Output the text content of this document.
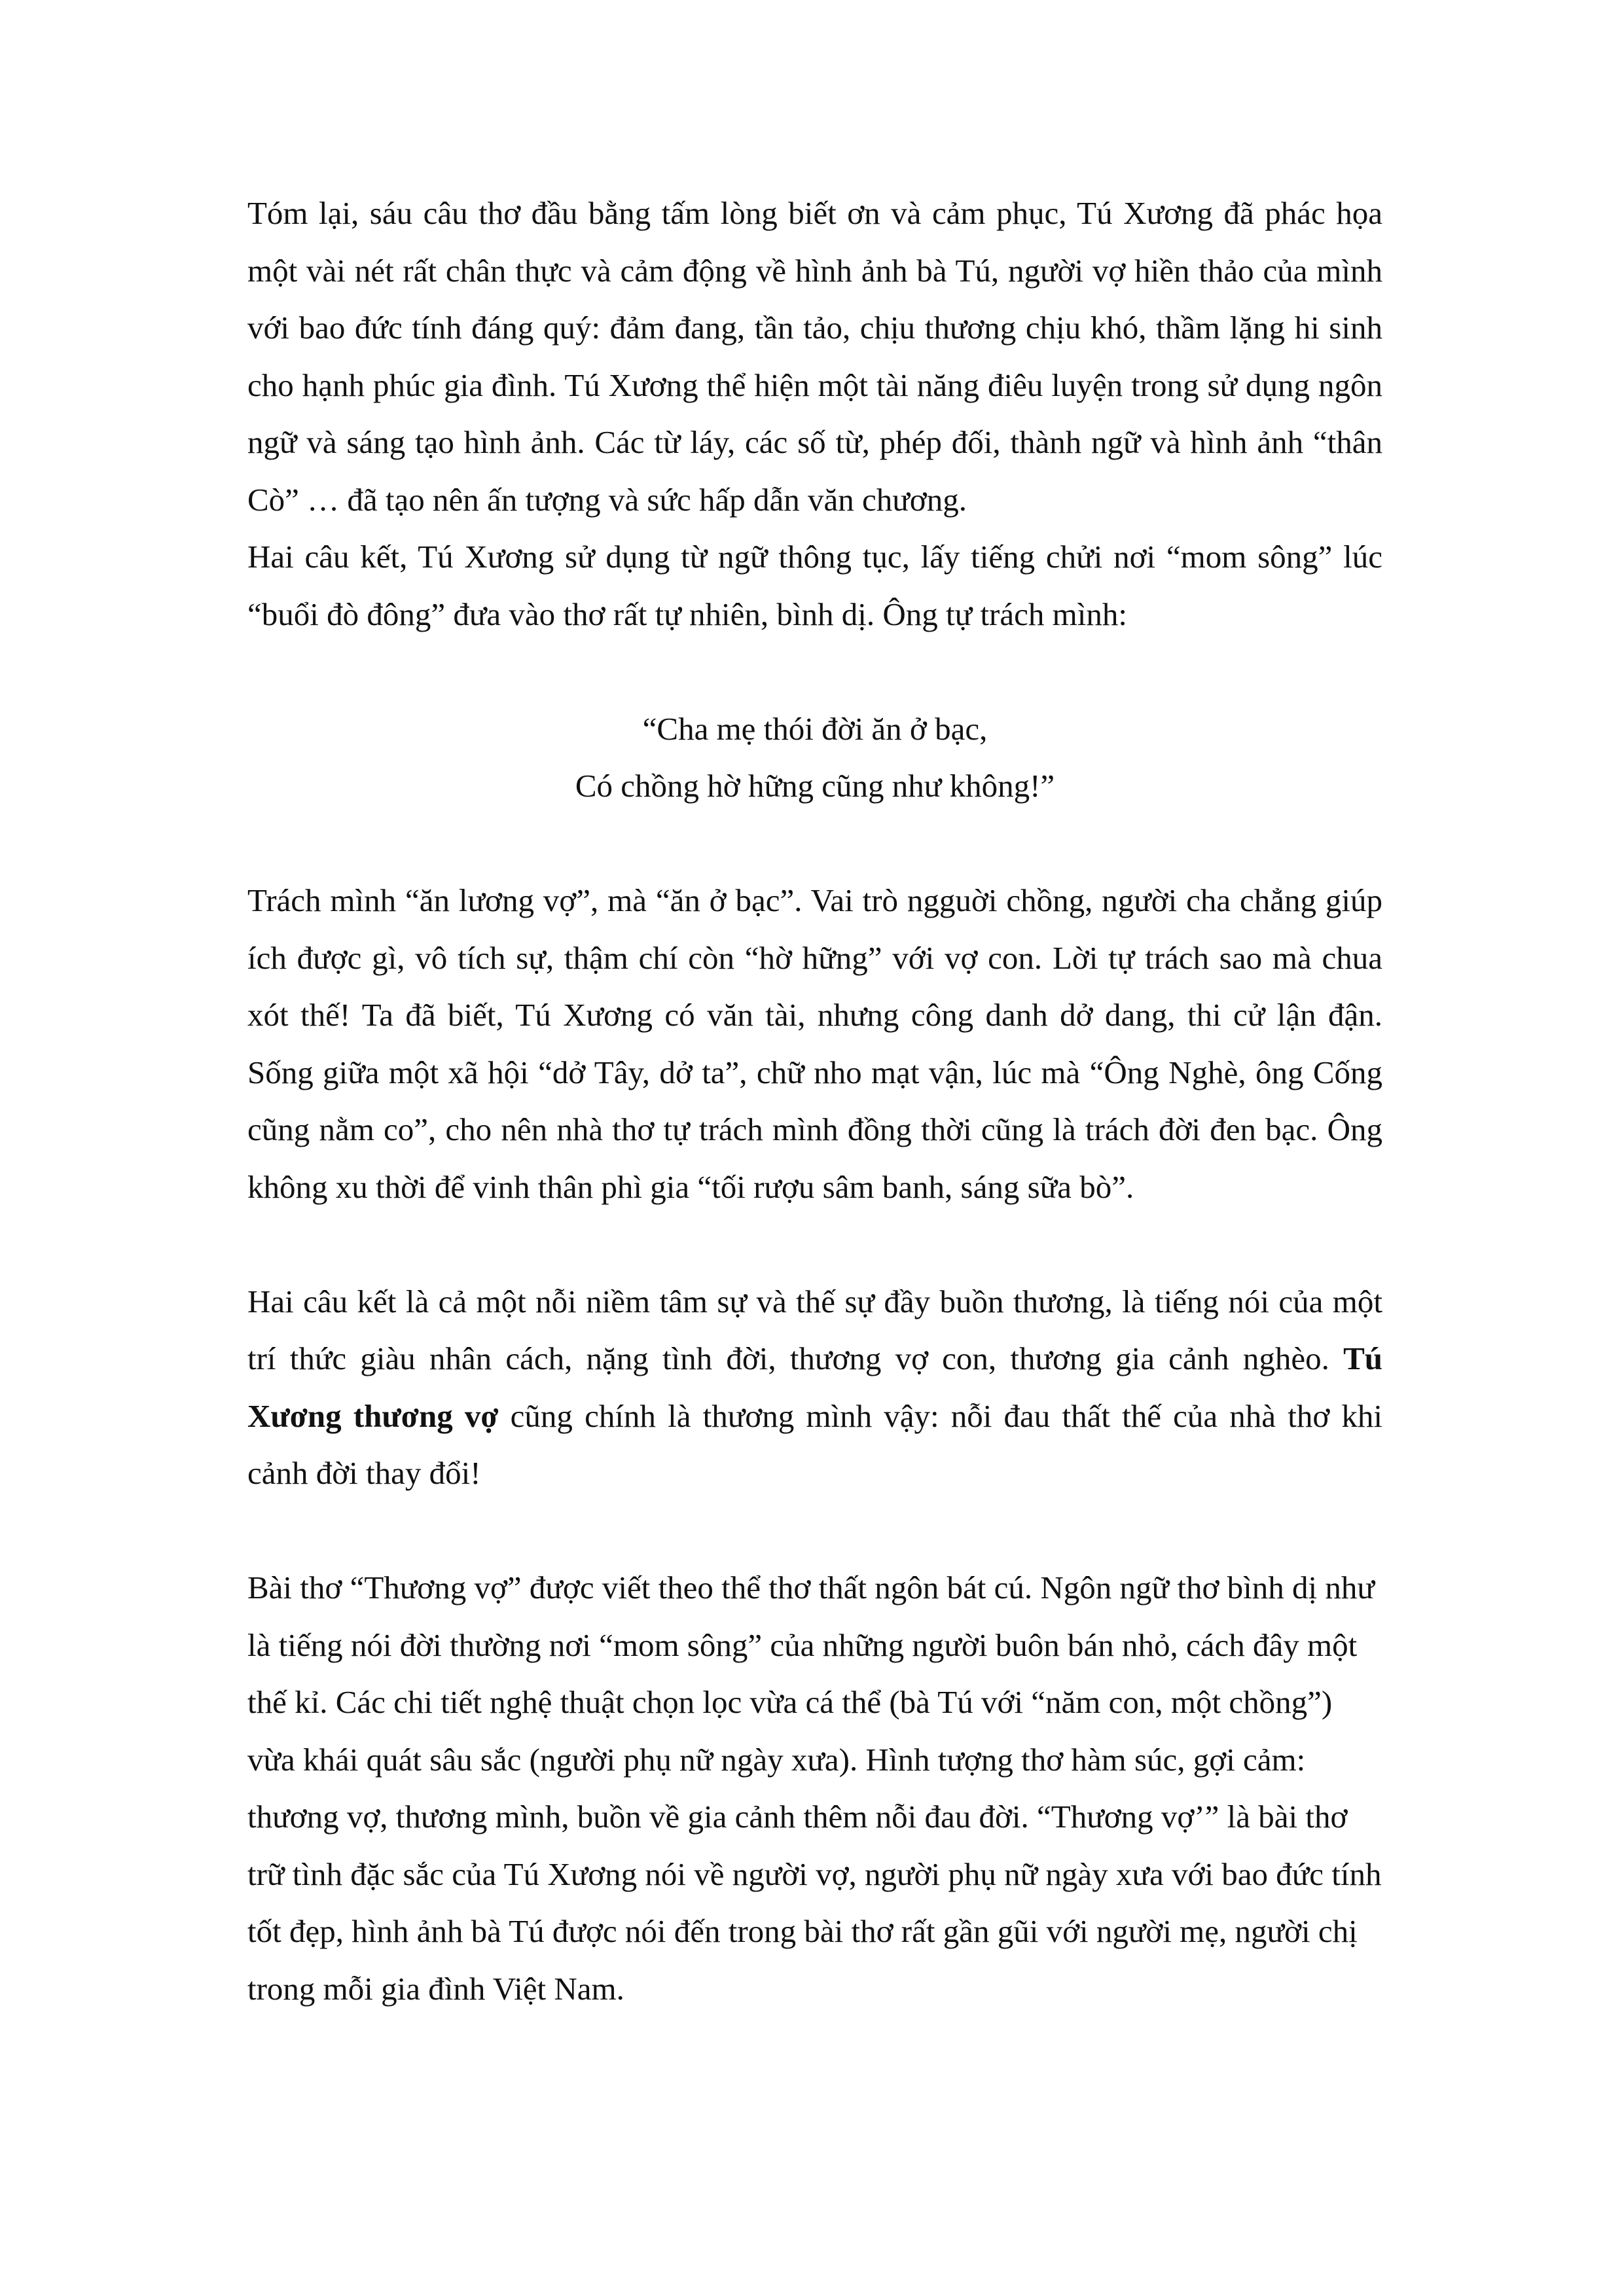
Tóm lại, sáu câu thơ đầu bằng tấm lòng biết ơn và cảm phục, Tú Xương đã phác họa một vài nét rất chân thực và cảm động về hình ảnh bà Tú, người vợ hiền thảo của mình với bao đức tính đáng quý: đảm đang, tần tảo, chịu thương chịu khó, thầm lặng hi sinh cho hạnh phúc gia đình. Tú Xương thể hiện một tài năng điêu luyện trong sử dụng ngôn ngữ và sáng tạo hình ảnh. Các từ láy, các số từ, phép đối, thành ngữ và hình ảnh “thân Cò” … đã tạo nên ấn tượng và sức hấp dẫn văn chương.

Hai câu kết, Tú Xương sử dụng từ ngữ thông tục, lấy tiếng chửi nơi “mom sông” lúc “buổi đò đông” đưa vào thơ rất tự nhiên, bình dị. Ông tự trách mình:

“Cha mẹ thói đời ăn ở bạc,
Có chồng hờ hững cũng như không!”

Trách mình “ăn lương vợ”, mà “ăn ở bạc”. Vai trò ngguời chồng, người cha chẳng giúp ích được gì, vô tích sự, thậm chí còn “hờ hững” với vợ con. Lời tự trách sao mà chua xót thế! Ta đã biết, Tú Xương có văn tài, nhưng công danh dở dang, thi cử lận đận. Sống giữa một xã hội “dở Tây, dở ta”, chữ nho mạt vận, lúc mà “Ông Nghè, ông Cống cũng nằm co”, cho nên nhà thơ tự trách mình đồng thời cũng là trách đời đen bạc. Ông không xu thời để vinh thân phì gia “tối rượu sâm banh, sáng sữa bò”.

Hai câu kết là cả một nỗi niềm tâm sự và thế sự đầy buồn thương, là tiếng nói của một trí thức giàu nhân cách, nặng tình đời, thương vợ con, thương gia cảnh nghèo. Tú Xương thương vợ cũng chính là thương mình vậy: nỗi đau thất thế của nhà thơ khi cảnh đời thay đổi!

Bài thơ “Thương vợ” được viết theo thể thơ thất ngôn bát cú. Ngôn ngữ thơ bình dị như là tiếng nói đời thường nơi “mom sông” của những người buôn bán nhỏ, cách đây một thế kỉ. Các chi tiết nghệ thuật chọn lọc vừa cá thể (bà Tú với “năm con, một chồng”) vừa khái quát sâu sắc (người phụ nữ ngày xưa). Hình tượng thơ hàm súc, gợi cảm: thương vợ, thương mình, buồn về gia cảnh thêm nỗi đau đời. “Thương vợ’” là bài thơ trữ tình đặc sắc của Tú Xương nói về người vợ, người phụ nữ ngày xưa với bao đức tính tốt đẹp, hình ảnh bà Tú được nói đến trong bài thơ rất gần gũi với người mẹ, người chị trong mỗi gia đình Việt Nam.
